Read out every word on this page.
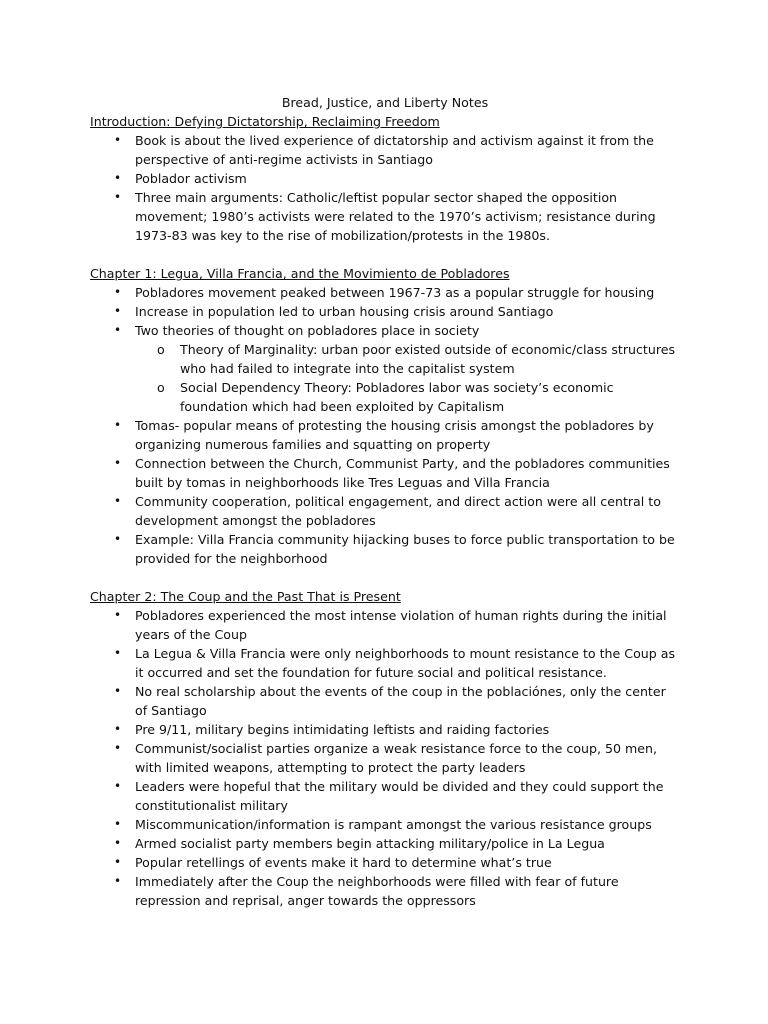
Bread, Justice, and Liberty Notes

Introduction: Defying Dictatorship, Reclaiming Freedom

• Book is about the lived experience of dictatorship and activism against it from the perspective of anti-regime activists in Santiago
• Poblador activism
• Three main arguments: Catholic/leftist popular sector shaped the opposition movement; 1980’s activists were related to the 1970’s activism; resistance during 1973-83 was key to the rise of mobilization/protests in the 1980s.

Chapter 1: Legua, Villa Francia, and the Movimiento de Pobladores

• Pobladores movement peaked between 1967-73 as a popular struggle for housing
• Increase in population led to urban housing crisis around Santiago
• Two theories of thought on pobladores place in society
o Theory of Marginality: urban poor existed outside of economic/class structures who had failed to integrate into the capitalist system
o Social Dependency Theory: Pobladores labor was society’s economic foundation which had been exploited by Capitalism
• Tomas- popular means of protesting the housing crisis amongst the pobladores by organizing numerous families and squatting on property
• Connection between the Church, Communist Party, and the pobladores communities built by tomas in neighborhoods like Tres Leguas and Villa Francia
• Community cooperation, political engagement, and direct action were all central to development amongst the pobladores
• Example: Villa Francia community hijacking buses to force public transportation to be provided for the neighborhood

Chapter 2: The Coup and the Past That is Present

• Pobladores experienced the most intense violation of human rights during the initial years of the Coup
• La Legua & Villa Francia were only neighborhoods to mount resistance to the Coup as it occurred and set the foundation for future social and political resistance.
• No real scholarship about the events of the coup in the poblaciónes, only the center of Santiago
• Pre 9/11, military begins intimidating leftists and raiding factories
• Communist/socialist parties organize a weak resistance force to the coup, 50 men, with limited weapons, attempting to protect the party leaders
• Leaders were hopeful that the military would be divided and they could support the constitutionalist military
• Miscommunication/information is rampant amongst the various resistance groups
• Armed socialist party members begin attacking military/police in La Legua
• Popular retellings of events make it hard to determine what’s true
• Immediately after the Coup the neighborhoods were filled with fear of future repression and reprisal, anger towards the oppressors
